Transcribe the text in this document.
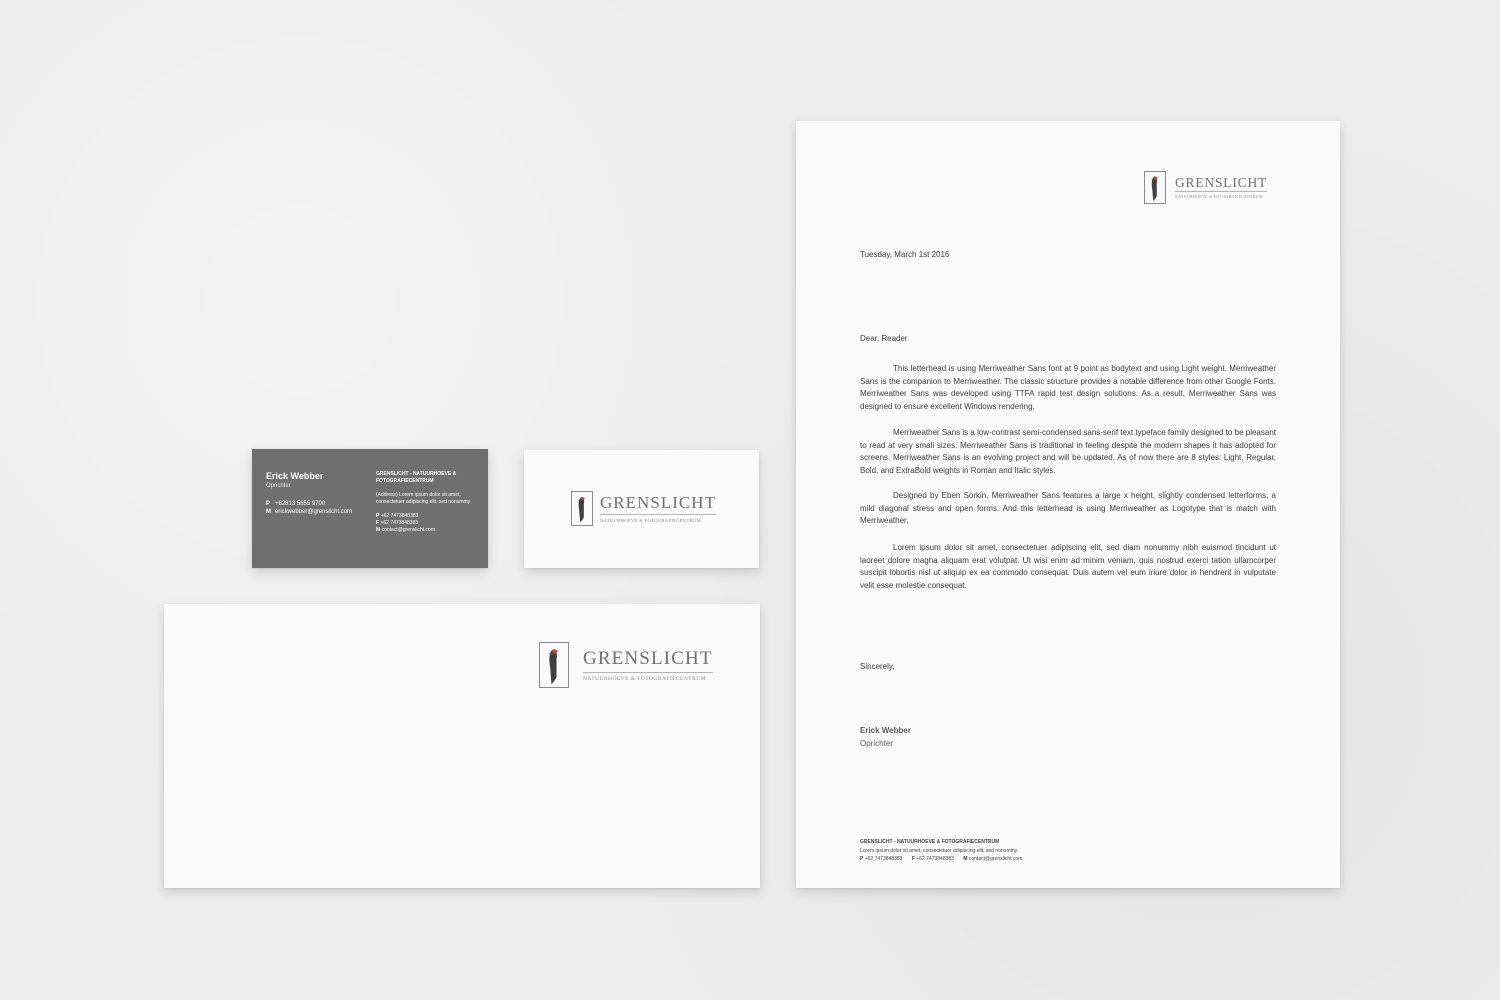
Erick Webber
Oprichter
P +62813 5655 9700
M erickwebber@grenslicht.com
GRENSLICHT - NATUURHOEVE & FOTOGRAFIECENTRUM
(Address) Lorem ipsum dolor sit amet, consectetuer adipiscing elit, sed nonummy
P +62 7473848383
F +62 7473848383
M contact@grenslicht.com
GRENSLICHT
NATUURHOEVE & FOTOGRAFIECENTRUM
GRENSLICHT
NATUURHOEVE & FOTOGRAFIECENTRUM
GRENSLICHT
NATUURHOEVE & FOTOGRAFIECENTRUM
Tuesday, March 1st 2016
Dear, Reader
This letterhead is using Merriweather Sans font at 9 point as bodytext and using Light weight. Merriweather Sans is the companion to Merriweather. The classic structure provides a notable difference from other Google Fonts. Merriweather Sans was developed using TTFA rapid test design solutions. As a result, Merriweather Sans was designed to ensure excellent Windows rendering.
Merriweather Sans is a low-contrast semi-condensed sans-serif text typeface family designed to be pleasant to read at very small sizes. Merriweather Sans is traditional in feeling despite the modern shapes it has adopted for screens. Merriweather Sans is an evolving project and will be updated. As of now there are 8 styles: Light, Regular, Bold, and ExtraBold weights in Roman and Italic styles.
Designed by Eben Sorkin, Merriweather Sans features a large x height, slightly condensed letterforms, a mild diagonal stress and open forms. And this letterhead is using Merriweather as Logotype that is match with Merriweather.
Lorem ipsum dolor sit amet, consectetuer adipiscing elit, sed diam nonummy nibh euismod tincidunt ut laoreet dolore magna aliquam erat volutpat. Ut wisi enim ad minim veniam, quis nostrud exerci tation ullamcorper suscipit lobortis nisl ut aliquip ex ea commodo consequat. Duis autem vel eum iriure dolor in hendrerit in vulputate velit esse molestie consequat.
Sincerely,
Erick Webber
Oprichter
GRENSLICHT - NATUURHOEVE & FOTOGRAFIECENTRUM
Lorem ipsum dolor sit amet, consectetuer adipiscing elit, sed nonummy.
P +62 7473848383 F +62 7473848383 M contact@grenslicht.com
